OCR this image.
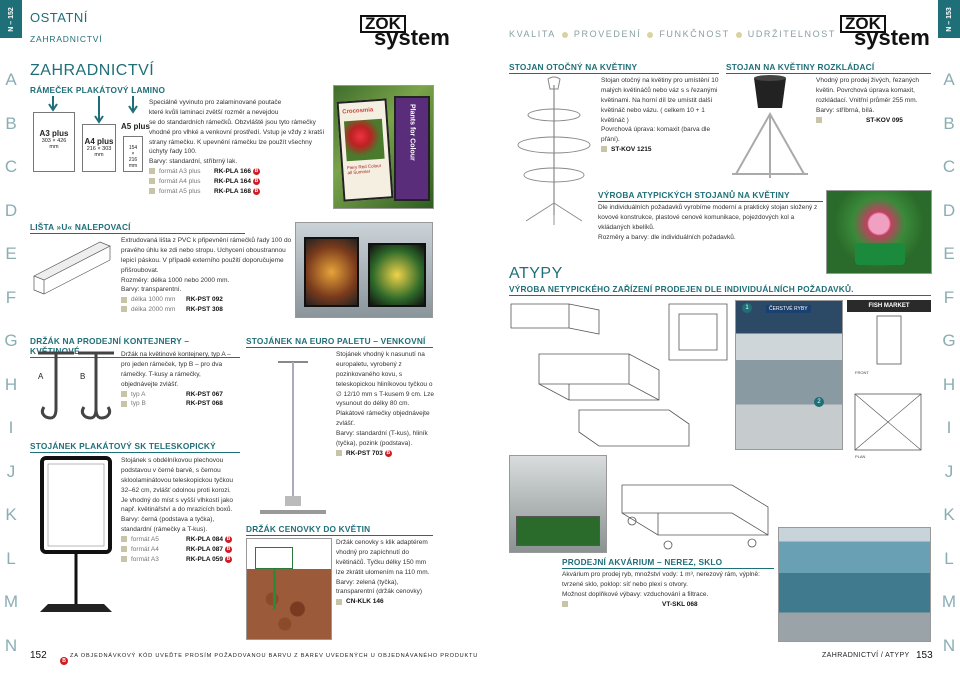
N – 152
A
B
C
D
E
F
G
H
I
J
K
L
M
N
N – 153
A
B
C
D
E
F
G
H
I
J
K
L
M
N
OSTATNÍ
ZAHRADNICTVÍ
ZOK
system
ZAHRADNICTVÍ
RÁMEČEK PLAKÁTOVÝ LAMINO
A3 plus
303 × 426
mm
A4 plus
216 × 303
mm
A5 plus
154
×
216
mm
Speciálně vyvinuto pro zalaminované poutače
které kvůli laminaci zvětší rozměr a nevejdou
se do standardních rámečků. Obzvláště jsou tyto rámečky vhodné pro vlhké a venkovní prostředí. Vstup je vždy z kratší strany rámečku. K upevnění rámečku lze použít všechny úchyty řady 100.
Barvy: standardní, stříbrný lak.
formát A3 plus RK-PLA 166 B
formát A4 plus RK-PLA 164 B
formát A5 plus RK-PLA 168 B
Crocosmia
Fiery Red Colour all Summer
Plants for Colour
LIŠTA »U« NALEPOVACÍ
Extrudovaná lišta z PVC k připevnění rámečků řady 100 do pravého úhlu ke zdi nebo stropu. Uchycení oboustrannou lepicí páskou. V případě externího použití doporučujeme přišroubovat.
Rozměry: délka 1000 nebo 2000 mm.
Barvy: transparentní.
délka 1000 mm RK-PST 092
délka 2000 mm RK-PST 308
DRŽÁK NA PRODEJNÍ KONTEJNERY – KVĚTINOVÉ
A	B
Držák na květinové kontejnery, typ A – pro jeden rámeček, typ B – pro dva rámečky. T-kusy a rámečky, objednávejte zvlášť.
typ A	RK-PST 067
typ B	RK-PST 068
STOJÁNEK PLAKÁTOVÝ SK TELESKOPICKÝ
Stojánek s obdélníkovou plechovou podstavou v černé barvě, s černou skloolaminátovou teleskopickou tyčkou 32–62 cm, zvlášť odolnou proti korozi. Je vhodný do míst s vyšší vlhkostí jako např. květinářství a do mrazicích boxů.
Barvy: černá (podstava a tyčka), standardní (rámečky a T-kus).
formát A5	RK-PLA 084 B
formát A4	RK-PLA 087 B
formát A3	RK-PLA 059 B
STOJÁNEK NA EURO PALETU – VENKOVNÍ
Stojánek vhodný k nasunutí na europaletu, vyrobený z pozinkovaného kovu, s teleskopickou hliníkovou tyčkou o ∅ 12/10 mm s T-kusem 9 cm. Lze vysunout do délky 80 cm. Plakátové rámečky objednávejte zvlášť.
Barvy: standardní (T-kus), hliník (tyčka), pozink (podstava).
RK-PST 703 B
DRŽÁK CENOVKY DO KVĚTIN
Držák cenovky s klik adaptérem vhodný pro zapíchnutí do květináčů. Tyčku délky 150 mm lze zkrátit ulomením na 110 mm.
Barvy: zelená (tyčka), transparentní (držák cenovky)
CN-KLK 146
152	B
ZA OBJEDNÁVKOVÝ KÓD UVEĎTE PROSÍM POŽADOVANOU BARVU Z BAREV UVEDENÝCH U OBJEDNÁVANÉHO PRODUKTU
KVALITA PROVEDENÍ FUNKČNOST UDRŽITELNOST
ZOK
system
STOJAN OTOČNÝ NA KVĚTINY
Stojan otočný na květiny pro umístění 10 malých květináčů nebo váz s s řezanými květinami. Na horní díl lze umístit další květináč nebo vázu. ( celkem 10 + 1 květináč )
Povrchová úprava: komaxit (barva dle přání).
ST-KOV 1215
STOJAN NA KVĚTINY ROZKLÁDACÍ
Vhodný pro prodej živých, řezaných květin. Povrchová úprava komaxit, rozkládací. Vnitřní průměr 255 mm.
Barvy: stříbrná, bílá.
ST-KOV 095
VÝROBA ATYPICKÝCH STOJANŮ NA KVĚTINY
Dle individuálních požadavků vyrobíme moderní a praktický stojan složený z kovové konstrukce, plastové cenové komunikace, pojezdových kol a vkládaných kbelíků.
Rozměry a barvy: dle individuálních požadavků.
ATYPY
VÝROBA NETYPICKÉHO ZAŘÍZENÍ PRODEJEN DLE INDIVIDUÁLNÍCH POŽADAVKŮ.
ČERSTVÉ RYBY
1
2
FISH MARKET
FRONT
PLAN
PRODEJNÍ AKVÁRIUM – NEREZ, SKLO
Akvárium pro prodej ryb, množství vody: 1 m³, nerezový rám, výplně: tvrzené sklo, poklop: síť nebo plexi s otvory.
Možnost doplňkové výbavy: vzduchování a filtrace.
VT-SKL 068
ZAHRADNICTVÍ / ATYPY 153
